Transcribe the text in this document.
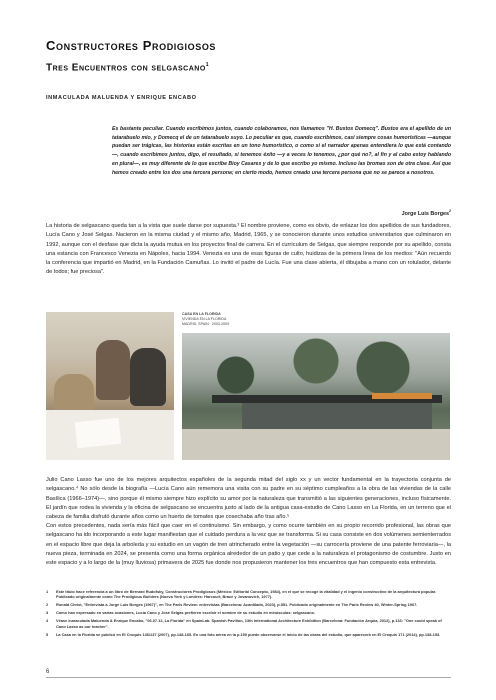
Constructores Prodigiosos
Tres Encuentros con selgascano$^1$
INMACULADA MALUENDA Y ENRIQUE ENCABO
Es bastante peculiar. Cuando escribimos juntos, cuando colaboramos, nos llamamos "H. Bustos Domecq". Bustos era el apellido de un tatarabuelo mío, y Domecq el de un tatarabuelo suyo. Lo peculiar es que, cuando escribimos, casi siempre cosas humorísticas —aunque puedan ser trágicas, las historias están escritas en un tono humorístico, o como si el narrador apenas entendiera lo que está contando—, cuando escribimos juntos, digo, el resultado, si tenemos éxito —y a veces lo tenemos, ¿por qué no?, al fin y al cabo estoy hablando en plural—, es muy diferente de lo que escribe Bioy Casares y de lo que escribo yo mismo. Incluso las bromas son de otra clase. Así que hemos creado entre los dos una tercera persona; en cierto modo, hemos creado una tercera persona que no se parece a nosotros.
Jorge Luis Borges$^2$
La historia de selgascano queda tan a la vista que suele darse por supuesta.³ El nombre proviene, como es obvio, de enlazar los dos apellidos de sus fundadores, Lucía Cano y José Selgas. Nacieron en la misma ciudad y el mismo año, Madrid, 1965, y se conocieron durante unos estudios universitarios que culminaron en 1992, aunque con el desfase que dicta la ayuda mutua en los proyectos final de carrera. En el currículum de Selgas, que siempre responde por su apellido, consta una estancia con Francesco Venezia en Nápoles, hacia 1994. Venezia es una de esas figuras de culto, huidizas de la primera línea de los medios: "Aún recuerdo la conferencia que impartió en Madrid, en la Fundación Camuñas. Lo invitó el padre de Lucía. Fue una clase abierta, él dibujaba a mano con un rotulador, delante de todos; fue preciosa".
CASA EN LA FLORIDA
VIVIENDA EN LA FLORIDA
MADRID, SPAIN · 2003-2009
Julio Cano Lasso fue uno de los mejores arquitectos españoles de la segunda mitad del siglo xx y un vector fundamental en la trayectoria conjunta de selgascano.⁴ No sólo desde la biografía —Lucía Cano aún rememora una visita con su padre en su séptimo cumpleaños a la obra de las viviendas de la calle Basílica (1966–1974)—, sino porque él mismo siempre hizo explícito su amor por la naturaleza que transmitió a las siguientes generaciones, incluso físicamente. El jardín que rodea la vivienda y la oficina de selgascano se encuentra justo al lado de la antigua casa-estudio de Cano Lasso en La Florida, en un terreno que el cabeza de familia disfrutó durante años como un huerto de tomates que cosechaba año tras año.⁵
Con estos precedentes, nada sería más fácil que caer en el continuismo. Sin embargo, y como ocurre también en su propio recorrido profesional, las obras que selgascano ha ido incorporando a este lugar manifiestan que el cuidado perdura a la vez que se transforma. Si su casa consiste en dos volúmenes semienterrados en el espacio libre que deja la arboleda y su estudio en un vagón de tren atrincherado entre la vegetación —su carrocería proviene de una patente ferroviaria—, la nueva pieza, terminada en 2024, se presenta como una forma orgánica alrededor de un patio y que cede a la naturaleza el protagonismo de costumbre. Justo en este espacio y a lo largo de la (muy lluviosa) primavera de 2025 fue donde nos propusieron mantener los tres encuentros que han compuesto esta entrevista.
1 Este título hace referencia a un libro de Bernard Rudofsky, Constructores Prodigiosos (México: Editorial Concepto, 1984), en el que se recoge la vitalidad y el ingenio constructivo de la arquitectura popular. Publicado originalmente como The Prodigious Builders (Nueva York y Londres: Harcourt, Brace y Jovanovich, 1977).
2 Ronald Christ, "Entrevista a Jorge Luis Borges (1967)", en The Paris Review: entrevistas (Barcelona: Acantilado, 2023), p.551. Publicado originalmente en The Paris Review 40, Winter-Spring 1967.
3 Como han expresado en varias ocasiones, Lucía Cano y José Selgas prefieren escribir el nombre de su estudio en minúsculas: selgascano.
4 Véase Inmaculada Maluenda & Enrique Encabo, "06.07.12, La Florida" en SpainLab. Spanish Pavilion, 13th International Architecture Exhibition (Barcelona: Fundación Arquia, 2012), p.133: "One could speak of Cano Lasso as our teacher".
5 La Casa en la Florida se publicó en El Croquis 136/137 (2007), pp.148-165. En una foto aérea en la p.150 puede observarse el inicio de las obras del estudio, que aparecerá en El Croquis 171 (2014), pp.138-153.
6
